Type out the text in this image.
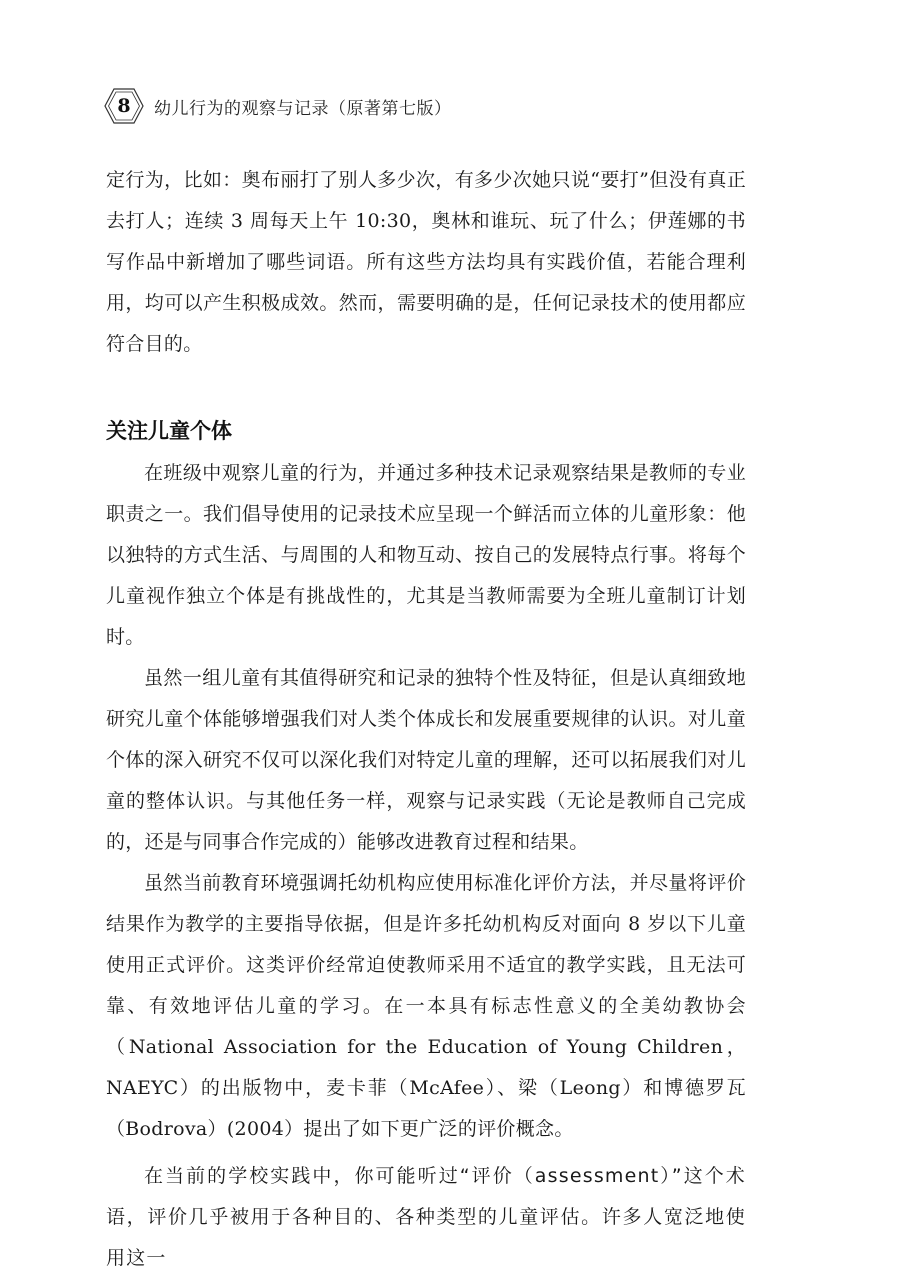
8 幼儿行为的观察与记录（原著第七版）

定行为，比如：奥布丽打了别人多少次，有多少次她只说“要打”但没有真正去打人；连续 3 周每天上午 10:30，奥林和谁玩、玩了什么；伊莲娜的书写作品中新增加了哪些词语。所有这些方法均具有实践价值，若能合理利用，均可以产生积极成效。然而，需要明确的是，任何记录技术的使用都应符合目的。

关注儿童个体

在班级中观察儿童的行为，并通过多种技术记录观察结果是教师的专业职责之一。我们倡导使用的记录技术应呈现一个鲜活而立体的儿童形象：他以独特的方式生活、与周围的人和物互动、按自己的发展特点行事。将每个儿童视作独立个体是有挑战性的，尤其是当教师需要为全班儿童制订计划时。

虽然一组儿童有其值得研究和记录的独特个性及特征，但是认真细致地研究儿童个体能够增强我们对人类个体成长和发展重要规律的认识。对儿童个体的深入研究不仅可以深化我们对特定儿童的理解，还可以拓展我们对儿童的整体认识。与其他任务一样，观察与记录实践（无论是教师自己完成的，还是与同事合作完成的）能够改进教育过程和结果。

虽然当前教育环境强调托幼机构应使用标准化评价方法，并尽量将评价结果作为教学的主要指导依据，但是许多托幼机构反对面向 8 岁以下儿童使用正式评价。这类评价经常迫使教师采用不适宜的教学实践，且无法可靠、有效地评估儿童的学习。在一本具有标志性意义的全美幼教协会（National Association for the Education of Young Children，NAEYC）的出版物中，麦卡菲（McAfee）、梁（Leong）和博德罗瓦（Bodrova）(2004）提出了如下更广泛的评价概念。

在当前的学校实践中，你可能听过“评价（assessment）”这个术语，评价几乎被用于各种目的、各种类型的儿童评估。许多人宽泛地使用这一
